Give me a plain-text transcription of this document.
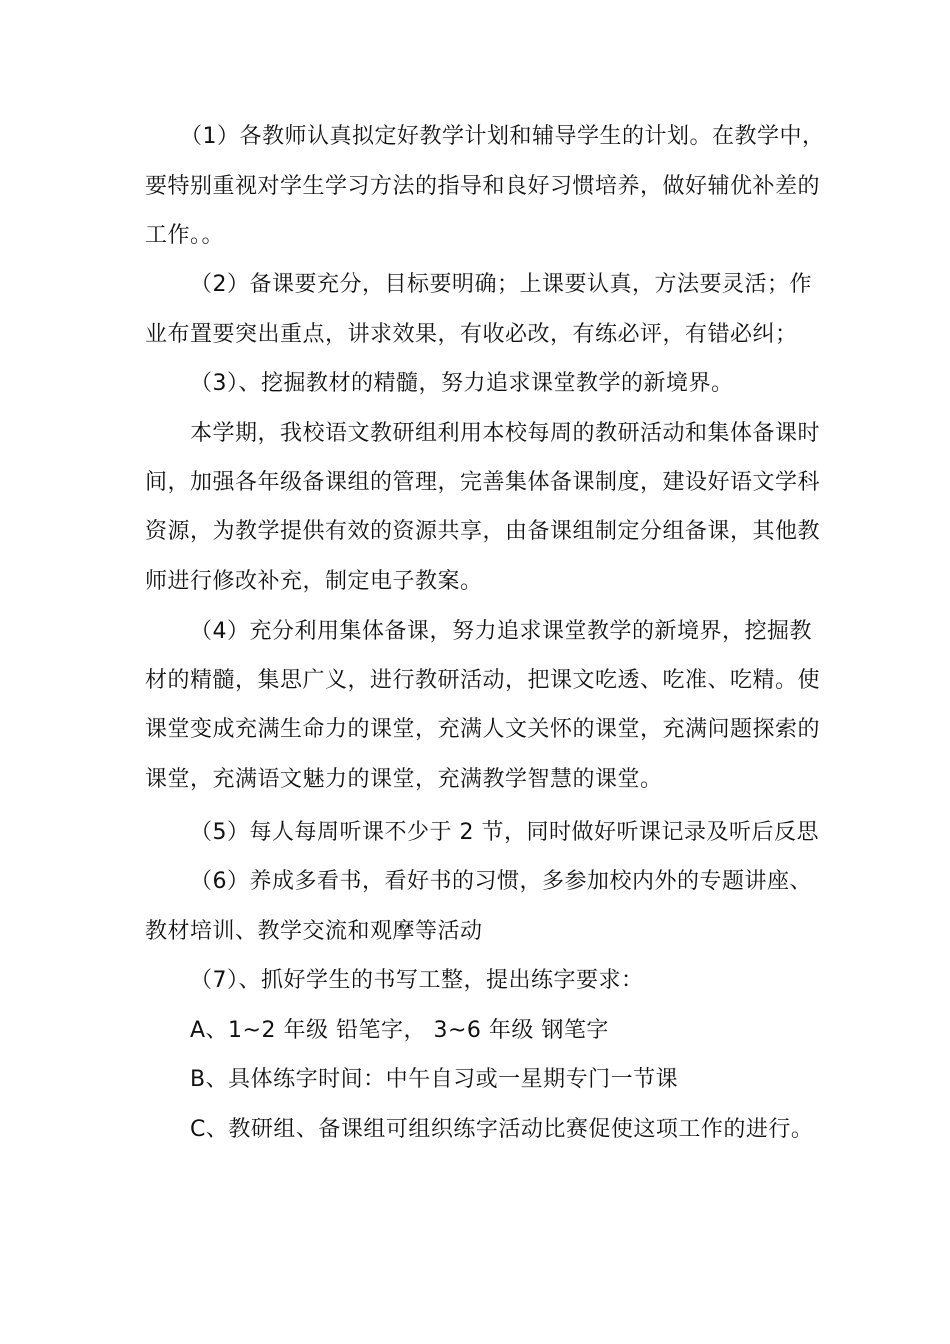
（1）各教师认真拟定好教学计划和辅导学生的计划。在教学中，
要特别重视对学生学习方法的指导和良好习惯培养，做好辅优补差的
工作。。
（2）备课要充分，目标要明确；上课要认真，方法要灵活；作
业布置要突出重点，讲求效果，有收必改，有练必评，有错必纠；
（3）、挖掘教材的精髓，努力追求课堂教学的新境界。
本学期，我校语文教研组利用本校每周的教研活动和集体备课时
间，加强各年级备课组的管理，完善集体备课制度，建设好语文学科
资源，为教学提供有效的资源共享，由备课组制定分组备课，其他教
师进行修改补充，制定电子教案。
（4）充分利用集体备课，努力追求课堂教学的新境界，挖掘教
材的精髓，集思广义，进行教研活动，把课文吃透、吃准、吃精。使
课堂变成充满生命力的课堂，充满人文关怀的课堂，充满问题探索的
课堂，充满语文魅力的课堂，充满教学智慧的课堂。
（5）每人每周听课不少于 2 节，同时做好听课记录及听后反思
（6）养成多看书，看好书的习惯，多参加校内外的专题讲座、
教材培训、教学交流和观摩等活动
（7）、抓好学生的书写工整，提出练字要求：
A、1~2 年级 铅笔字， 3~6 年级 钢笔字
B、具体练字时间：中午自习或一星期专门一节课
C、教研组、备课组可组织练字活动比赛促使这项工作的进行。
